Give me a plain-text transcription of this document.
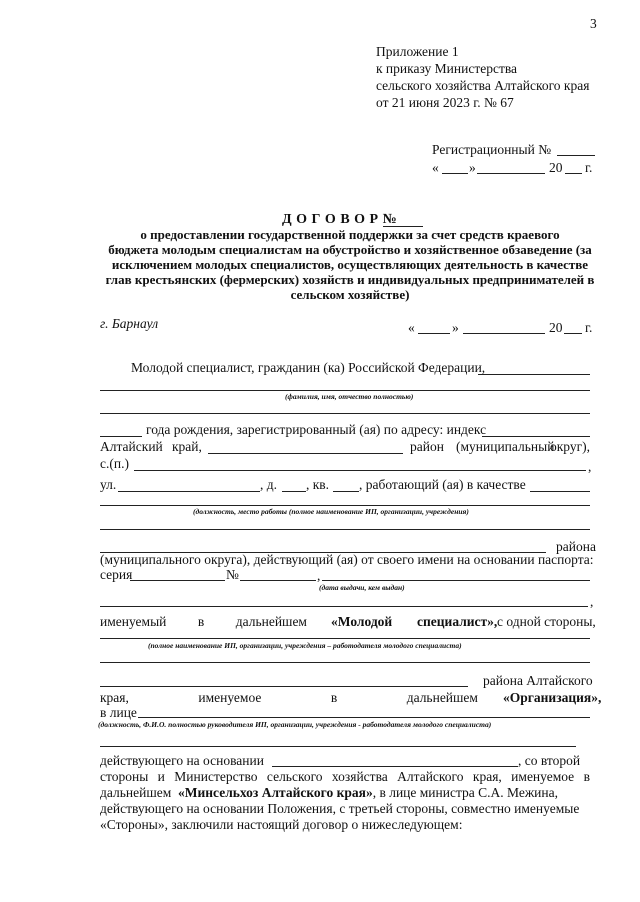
3
Приложение 1
к приказу Министерства
сельского хозяйства Алтайского края
от 21 июня 2023 г. № 67
Регистрационный №
« »	20 г.
Д О Г О В О Р №
о предоставлении государственной поддержки за счет средств краевого
бюджета молодым специалистам на обустройство и хозяйственное обзаведение (за
исключением молодых специалистов, осуществляющих деятельность в качестве
глав крестьянских (фермерских) хозяйств и индивидуальных предпринимателей в
сельском хозяйстве)
г. Барнаул	«	»	20 г.
Молодой специалист, гражданин (ка) Российской Федерации,
(фамилия, имя, отчество полностью)
года рождения, зарегистрированный (ая) по адресу: индекс
Алтайский край,	район (муниципальный
округ),
с.(п.)	,
ул.	, д. , кв. , работающий (ая) в качестве
(должность, место работы (полное наименование ИП, организации, учреждения)
района
(муниципального округа), действующий (ая) от своего имени на основании паспорта:
серия	№	,
(дата выдачи, кем выдан)
,
именуемый в дальнейшем «Молодой специалист», с одной стороны,
(полное наименование ИП, организации, учреждения – работодателя молодого специалиста)
района Алтайского
края,	именуемое	в	дальнейшем «Организация»,
в лице
(должность, Ф.И.О. полностью руководителя ИП, организации, учреждения - работодателя молодого специалиста)
действующего на основании	, со второй
стороны и Министерство сельского хозяйства Алтайского края, именуемое в
дальнейшем «Минсельхоз Алтайского края», в лице министра С.А. Межина,
действующего на основании Положения, с третьей стороны, совместно именуемые
«Стороны», заключили настоящий договор о нижеследующем:
